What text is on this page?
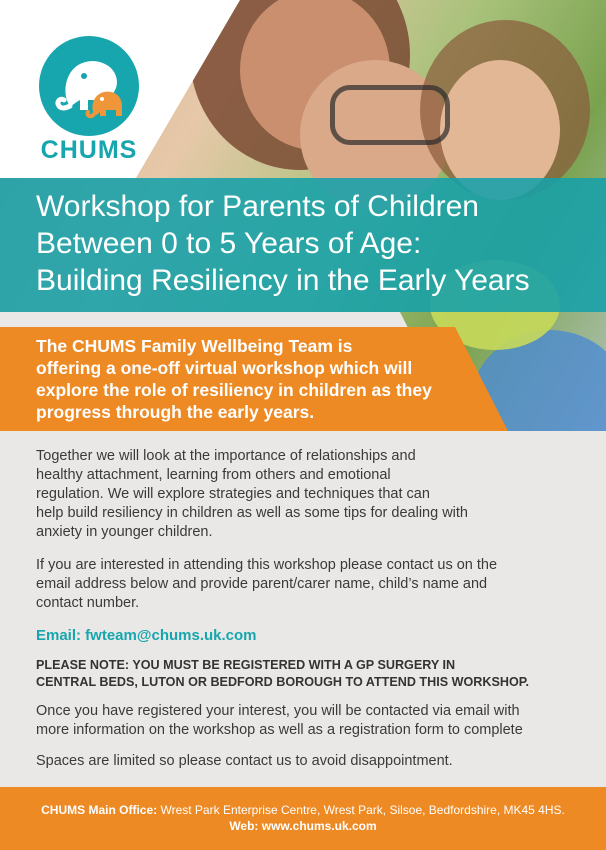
CHUMS
Workshop for Parents of Children
Between 0 to 5 Years of Age:
Building Resiliency in the Early Years

The CHUMS Family Wellbeing Team is
offering a one-off virtual workshop which will
explore the role of resiliency in children as they
progress through the early years.

Together we will look at the importance of relationships and
healthy attachment, learning from others and emotional
regulation. We will explore strategies and techniques that can
help build resiliency in children as well as some tips for dealing with
anxiety in younger children.

If you are interested in attending this workshop please contact us on the
email address below and provide parent/carer name, child’s name and
contact number.

Email: fwteam@chums.uk.com

PLEASE NOTE: YOU MUST BE REGISTERED WITH A GP SURGERY IN
CENTRAL BEDS, LUTON OR BEDFORD BOROUGH TO ATTEND THIS WORKSHOP.

Once you have registered your interest, you will be contacted via email with
more information on the workshop as well as a registration form to complete

Spaces are limited so please contact us to avoid disappointment.

CHUMS Main Office: Wrest Park Enterprise Centre, Wrest Park, Silsoe, Bedfordshire, MK45 4HS.
Web: www.chums.uk.com
